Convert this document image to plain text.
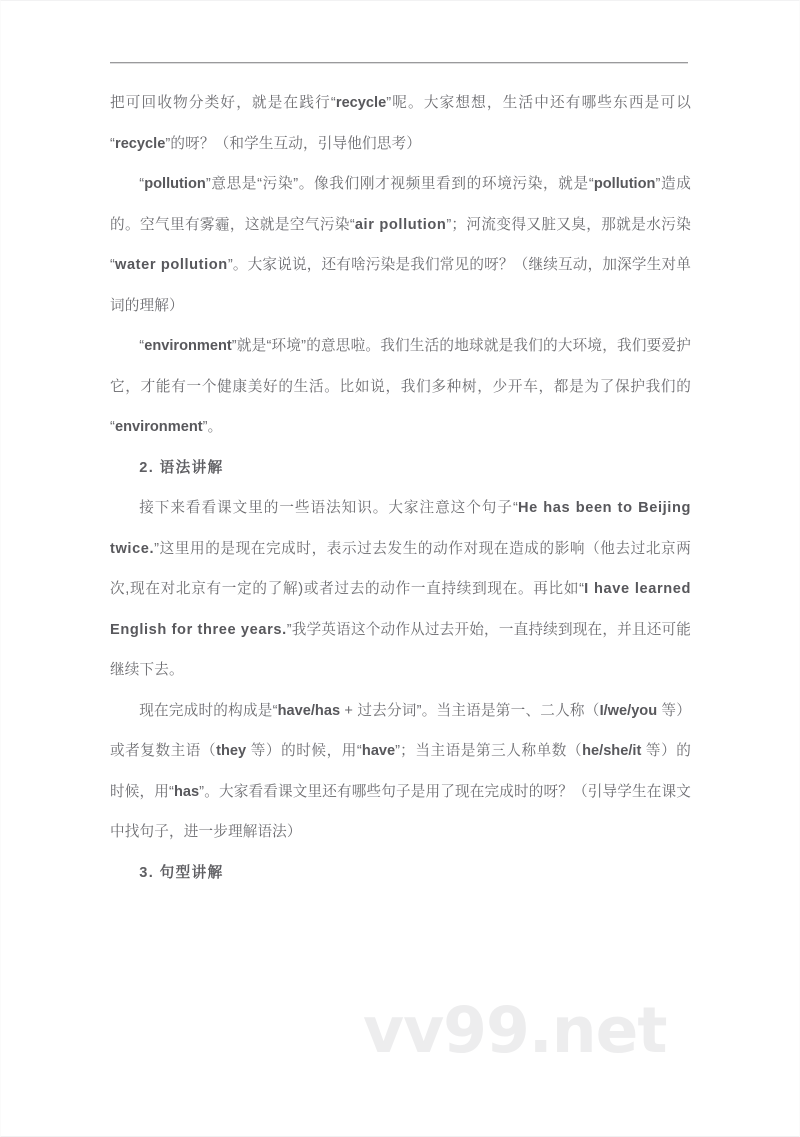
把可回收物分类好，就是在践行“recycle”呢。大家想想，生活中还有哪些东西是可以“recycle”的呀？（和学生互动，引导他们思考）

“pollution”意思是“污染”。像我们刚才视频里看到的环境污染，就是“pollution”造成的。空气里有雾霾，这就是空气污染“air pollution”；河流变得又脏又臭，那就是水污染“water pollution”。大家说说，还有啥污染是我们常见的呀？（继续互动，加深学生对单词的理解）

“environment”就是“环境”的意思啦。我们生活的地球就是我们的大环境，我们要爱护它，才能有一个健康美好的生活。比如说，我们多种树，少开车，都是为了保护我们的“environment”。

2. 语法讲解

接下来看看课文里的一些语法知识。大家注意这个句子“He has been to Beijing twice.”这里用的是现在完成时，表示过去发生的动作对现在造成的影响（他去过北京两次,现在对北京有一定的了解)或者过去的动作一直持续到现在。再比如“I have learned English for three years.”我学英语这个动作从过去开始，一直持续到现在，并且还可能继续下去。

现在完成时的构成是“have/has + 过去分词”。当主语是第一、二人称（I/we/you 等）或者复数主语（they 等）的时候，用“have”；当主语是第三人称单数（he/she/it 等）的时候，用“has”。大家看看课文里还有哪些句子是用了现在完成时的呀？（引导学生在课文中找句子，进一步理解语法）

3. 句型讲解

vv99.net
